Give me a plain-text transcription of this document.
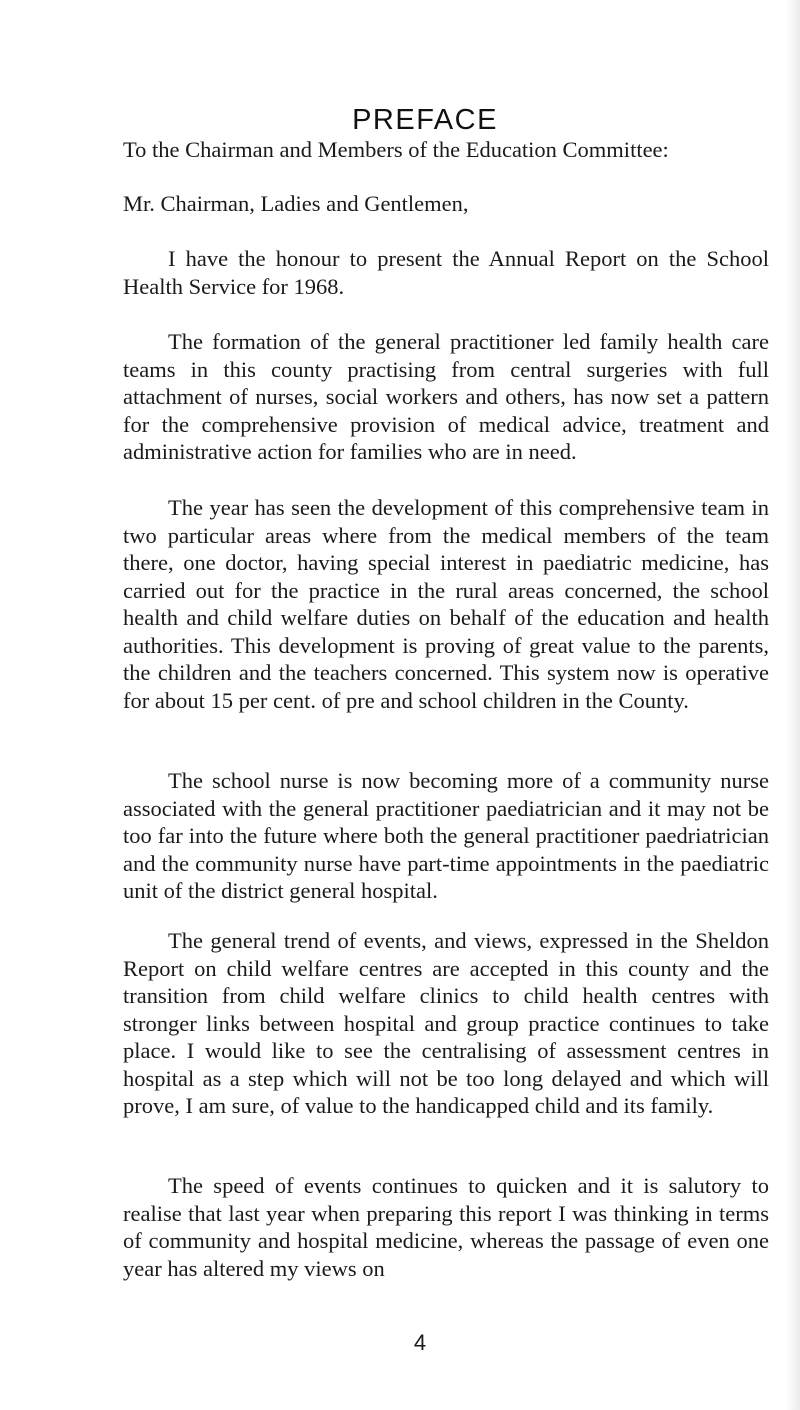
PREFACE
To the Chairman and Members of the Education Committee:
Mr. Chairman, Ladies and Gentlemen,
I have the honour to present the Annual Report on the School Health Service for 1968.
The formation of the general practitioner led family health care teams in this county practising from central surgeries with full attachment of nurses, social workers and others, has now set a pattern for the comprehensive provision of medical advice, treatment and administrative action for families who are in need.
The year has seen the development of this comprehensive team in two particular areas where from the medical members of the team there, one doctor, having special interest in paediatric medicine, has carried out for the practice in the rural areas concerned, the school health and child welfare duties on behalf of the education and health authorities. This development is proving of great value to the parents, the children and the teachers concerned. This system now is operative for about 15 per cent. of pre and school children in the County.
The school nurse is now becoming more of a community nurse associated with the general practitioner paediatrician and it may not be too far into the future where both the general practitioner paedriatrician and the community nurse have part-time appointments in the paediatric unit of the district general hospital.
The general trend of events, and views, expressed in the Sheldon Report on child welfare centres are accepted in this county and the transition from child welfare clinics to child health centres with stronger links between hospital and group practice continues to take place. I would like to see the centralising of assessment centres in hospital as a step which will not be too long delayed and which will prove, I am sure, of value to the handicapped child and its family.
The speed of events continues to quicken and it is salutory to realise that last year when preparing this report I was thinking in terms of community and hospital medicine, whereas the passage of even one year has altered my views on
4
